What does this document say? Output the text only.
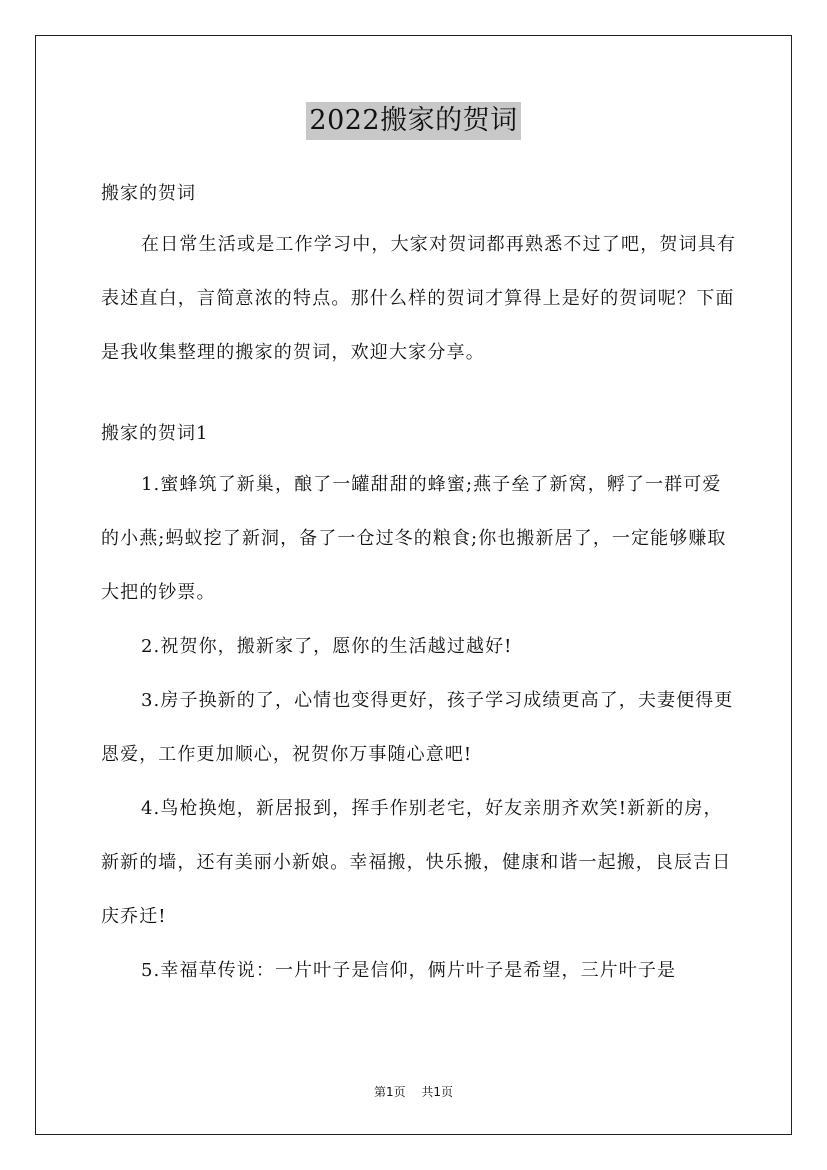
2022搬家的贺词

搬家的贺词

在日常生活或是工作学习中，大家对贺词都再熟悉不过了吧，贺词具有表述直白，言简意浓的特点。那什么样的贺词才算得上是好的贺词呢？下面是我收集整理的搬家的贺词，欢迎大家分享。

搬家的贺词1

1.蜜蜂筑了新巢，酿了一罐甜甜的蜂蜜;燕子垒了新窝，孵了一群可爱的小燕;蚂蚁挖了新洞，备了一仓过冬的粮食;你也搬新居了，一定能够赚取大把的钞票。

2.祝贺你，搬新家了，愿你的生活越过越好!

3.房子换新的了，心情也变得更好，孩子学习成绩更高了，夫妻便得更恩爱，工作更加顺心，祝贺你万事随心意吧!

4.鸟枪换炮，新居报到，挥手作别老宅，好友亲朋齐欢笑!新新的房，新新的墙，还有美丽小新娘。幸福搬，快乐搬，健康和谐一起搬，良辰吉日庆乔迁!

5.幸福草传说：一片叶子是信仰，俩片叶子是希望，三片叶子是

第1页 共1页
